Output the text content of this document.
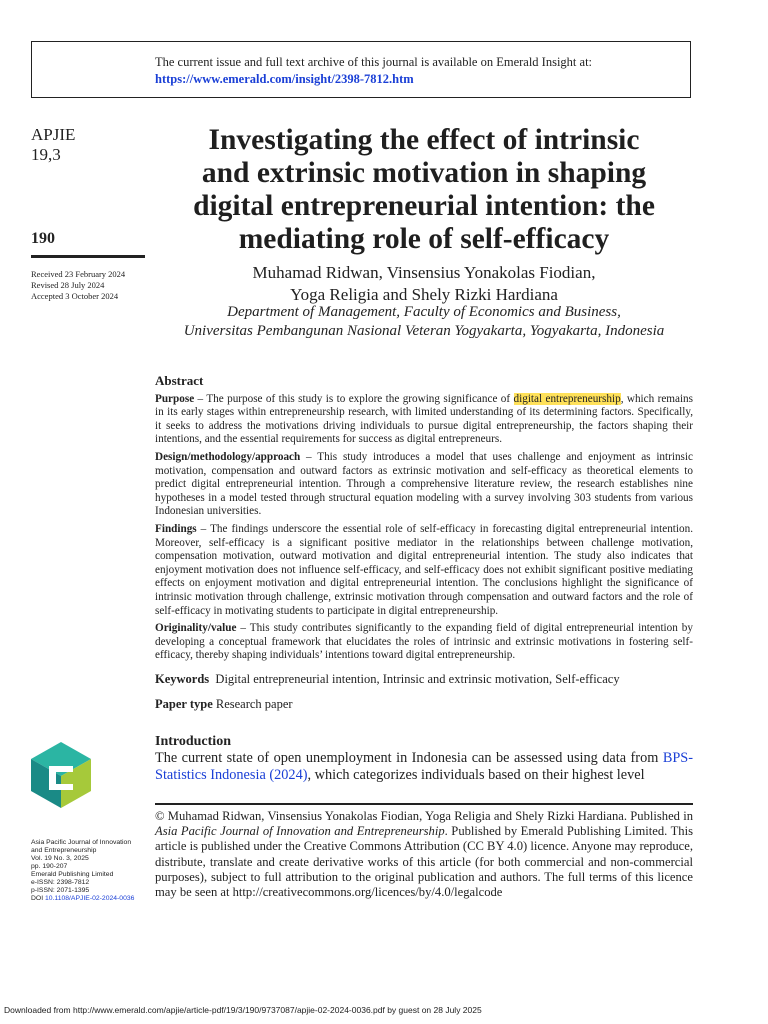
The current issue and full text archive of this journal is available on Emerald Insight at:
https://www.emerald.com/insight/2398-7812.htm
APJIE
19,3
190
Received 23 February 2024
Revised 28 July 2024
Accepted 3 October 2024
Investigating the effect of intrinsic
and extrinsic motivation in shaping
digital entrepreneurial intention: the
mediating role of self-efficacy
Muhamad Ridwan, Vinsensius Yonakolas Fiodian,
Yoga Religia and Shely Rizki Hardiana
Department of Management, Faculty of Economics and Business,
Universitas Pembangunan Nasional Veteran Yogyakarta, Yogyakarta, Indonesia
Abstract

Purpose – The purpose of this study is to explore the growing significance of digital entrepreneurship, which remains in its early stages within entrepreneurship research, with limited understanding of its determining factors. Specifically, it seeks to address the motivations driving individuals to pursue digital entrepreneurship, the factors shaping their intentions, and the essential requirements for success as digital entrepreneurs.

Design/methodology/approach – This study introduces a model that uses challenge and enjoyment as intrinsic motivation, compensation and outward factors as extrinsic motivation and self-efficacy as theoretical elements to predict digital entrepreneurial intention. Through a comprehensive literature review, the research establishes nine hypotheses in a model tested through structural equation modeling with a survey involving 303 students from various Indonesian universities.

Findings – The findings underscore the essential role of self-efficacy in forecasting digital entrepreneurial intention. Moreover, self-efficacy is a significant positive mediator in the relationships between challenge motivation, compensation motivation, outward motivation and digital entrepreneurial intention. The study also indicates that enjoyment motivation does not influence self-efficacy, and self-efficacy does not exhibit significant positive mediating effects on enjoyment motivation and digital entrepreneurial intention. The conclusions highlight the significance of intrinsic motivation through challenge, extrinsic motivation through compensation and outward factors and the role of self-efficacy in motivating students to participate in digital entrepreneurship.

Originality/value – This study contributes significantly to the expanding field of digital entrepreneurial intention by developing a conceptual framework that elucidates the roles of intrinsic and extrinsic motivations in fostering self-efficacy, thereby shaping individuals’ intentions toward digital entrepreneurship.

Keywords Digital entrepreneurial intention, Intrinsic and extrinsic motivation, Self-efficacy

Paper type Research paper

Introduction
The current state of open unemployment in Indonesia can be assessed using data from BPS-Statistics Indonesia (2024), which categorizes individuals based on their highest level
© Muhamad Ridwan, Vinsensius Yonakolas Fiodian, Yoga Religia and Shely Rizki Hardiana. Published in Asia Pacific Journal of Innovation and Entrepreneurship. Published by Emerald Publishing Limited. This article is published under the Creative Commons Attribution (CC BY 4.0) licence. Anyone may reproduce, distribute, translate and create derivative works of this article (for both commercial and non-commercial purposes), subject to full attribution to the original publication and authors. The full terms of this licence may be seen at http://creativecommons.org/licences/by/4.0/legalcode
Asia Pacific Journal of Innovation
and Entrepreneurship
Vol. 19 No. 3, 2025
pp. 190-207
Emerald Publishing Limited
e-ISSN: 2398-7812
p-ISSN: 2071-1395
DOI 10.1108/APJIE-02-2024-0036
Downloaded from http://www.emerald.com/apjie/article-pdf/19/3/190/9737087/apjie-02-2024-0036.pdf by guest on 28 July 2025
